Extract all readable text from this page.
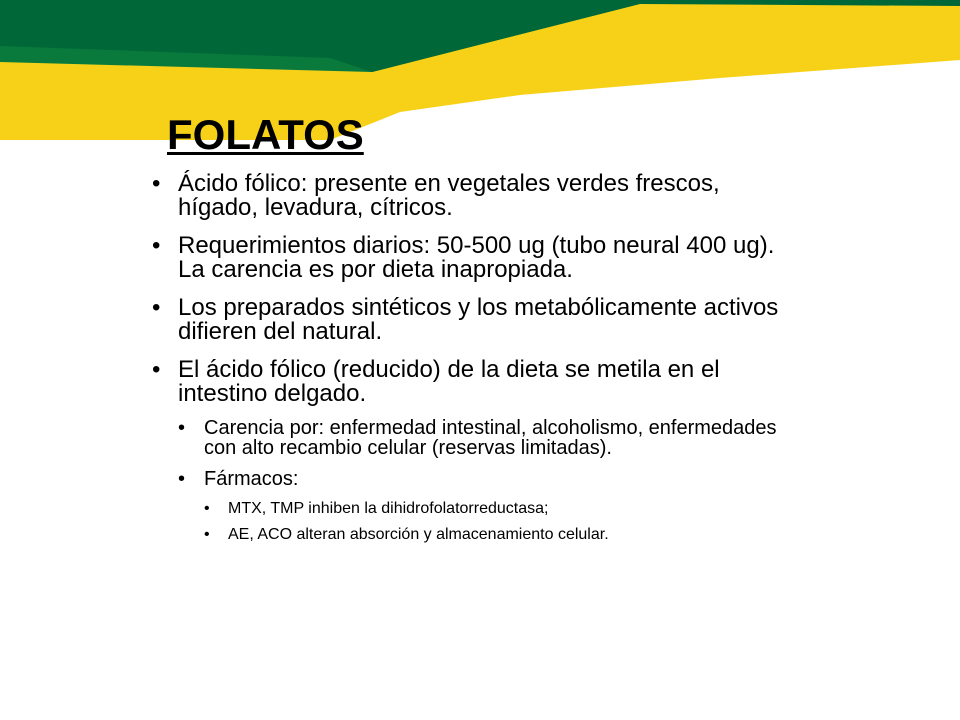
FOLATOS
• Ácido fólico: presente en vegetales verdes frescos, hígado, levadura, cítricos.
• Requerimientos diarios: 50-500 ug (tubo neural 400 ug). La carencia es por dieta inapropiada.
• Los preparados sintéticos y los metabólicamente activos difieren del natural.
• El ácido fólico (reducido) de la dieta se metila en el intestino delgado.
• Carencia por: enfermedad intestinal, alcoholismo, enfermedades con alto recambio celular (reservas limitadas).
• Fármacos:
• MTX, TMP inhiben la dihidrofolatorreductasa;
• AE, ACO alteran absorción y almacenamiento celular.
